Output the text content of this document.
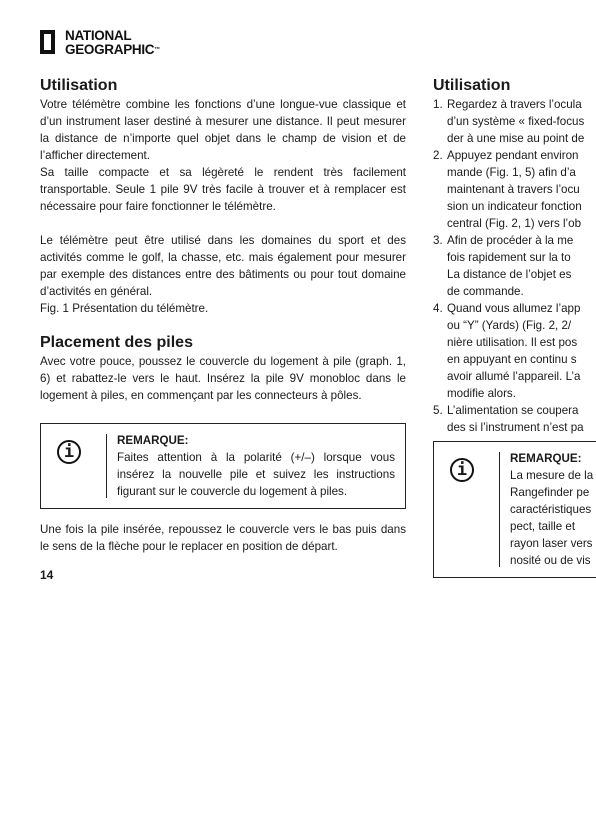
NATIONAL
GEOGRAPHIC™
Utilisation

Votre télémètre combine les fonctions d’une longue-vue classique et d’un instrument laser destiné à mesurer une distance. Il peut mesurer la distance de n’importe quel objet dans le champ de vision et de l’afficher directement.

Sa taille compacte et sa légèreté le rendent très facilement transportable. Seule 1 pile 9V très facile à trouver et à remplacer est nécessaire pour faire fonctionner le télémètre.

Le télémètre peut être utilisé dans les domaines du sport et des activités comme le golf, la chasse, etc. mais également pour mesurer par exemple des distances entre des bâtiments ou pour tout domaine d’activités en général.

Fig. 1 Présentation du télémètre.

Placement des piles

Avec votre pouce, poussez le couvercle du logement à pile (graph. 1, 6) et rabattez-le vers le haut. Insérez la pile 9V monobloc dans le logement à piles, en commençant par les connecteurs à pôles.

i
REMARQUE:

Faites attention à la polarité (+/–) lorsque vous insérez la nouvelle pile et suivez les instructions figurant sur le couvercle du logement à piles.

Une fois la pile insérée, repoussez le couvercle vers le bas puis dans le sens de la flèche pour le replacer en position de départ.

14
Utilisation
1. Regardez à travers l’ocula
d’un système « fixed-focus
der à une mise au point de
2. Appuyez pendant environ
mande (Fig. 1, 5) afin d’a
maintenant à travers l’ocu
sion un indicateur fonction
central (Fig. 2, 1) vers l’ob
3. Afin de procéder à la me
fois rapidement sur la to
La distance de l’objet es
de commande.
4. Quand vous allumez l’app
ou “Y” (Yards) (Fig. 2, 2/
nière utilisation. Il est pos
en appuyant en continu s
avoir allumé l’appareil. L’a
modifie alors.
5. L’alimentation se coupera
des si l’instrument n’est pa
i
REMARQUE:
La mesure de la
Rangefinder pe
caractéristiques
pect, taille et
rayon laser vers
nosité ou de vis
